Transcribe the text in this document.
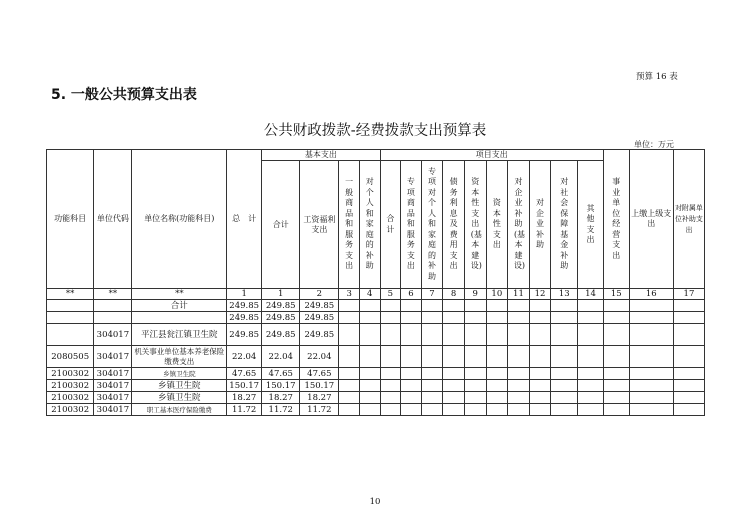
预算 16 表
5. 一般公共预算支出表
公共财政拨款-经费拨款支出预算表
单位：万元
功能科目	单位代码	单位名称(功能科目)	总　计	基本支出				项目支出										事业单位经营支出	上缴上级支出	对附属单位补助支出
				合计	工资福利支出	一般商品和服务支出	对个人和家庭的补助	合计	专项商品和服务支出	专项对个人和家庭的补助	债务利息及费用支出	资本性支出(基本建设)	资本性支出	对企业补助(基本建设)	对企业补助	对社会保障基金补助	其他支出			
**	**	**	1	1	2	3	4	5	6	7	8	9	10	11	12	13	14	15	16	17
		合计	249.85	249.85	249.85															
			249.85	249.85	249.85															
	304017	平江县瓮江镇卫生院	249.85	249.85	249.85															
2080505	304017	机关事业单位基本养老保险缴费支出	22.04	22.04	22.04															
2100302	304017	乡镇卫生院	47.65	47.65	47.65															
2100302	304017	乡镇卫生院	150.17	150.17	150.17															
2100302	304017	乡镇卫生院	18.27	18.27	18.27															
2100302	304017	职工基本医疗保险缴费	11.72	11.72	11.72															
10
